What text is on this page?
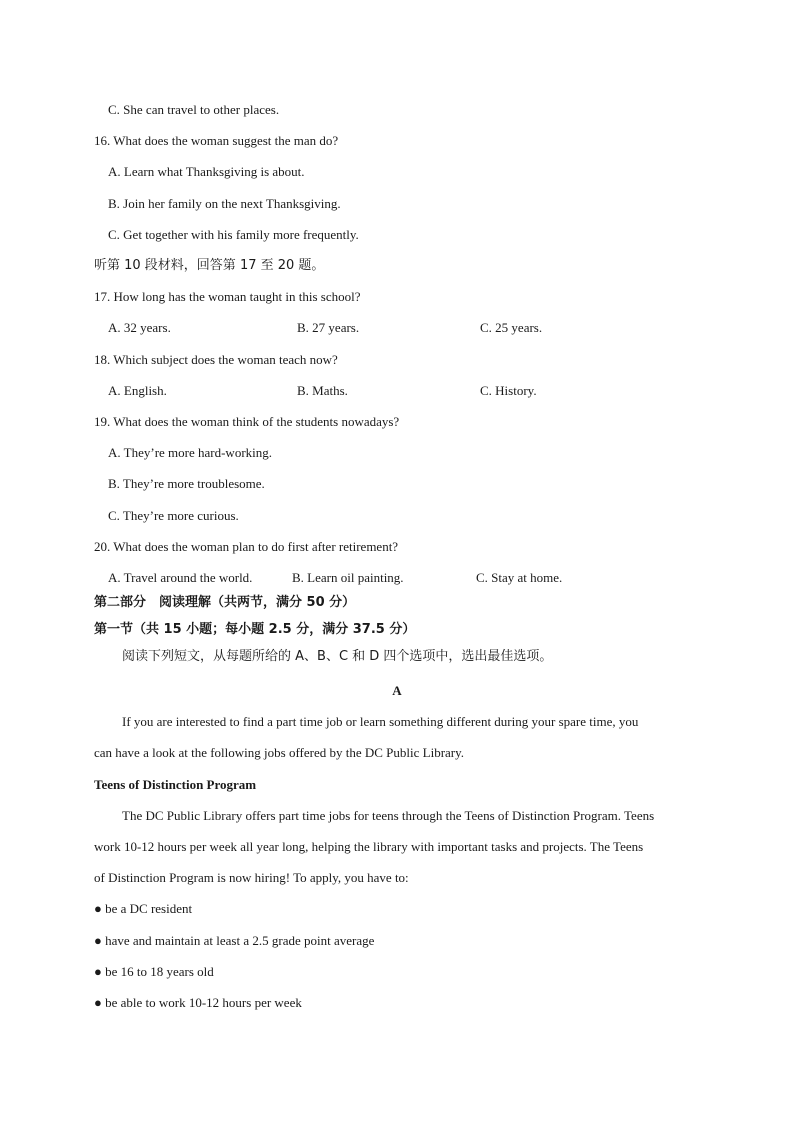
C. She can travel to other places.
16. What does the woman suggest the man do?
A. Learn what Thanksgiving is about.
B. Join her family on the next Thanksgiving.
C. Get together with his family more frequently.
听第 10 段材料，回答第 17 至 20 题。
17. How long has the woman taught in this school?
A. 32 years.	B. 27 years.	C. 25 years.
18. Which subject does the woman teach now?
A. English.	B. Maths.	C. History.
19. What does the woman think of the students nowadays?
A. They’re more hard-working.
B. They’re more troublesome.
C. They’re more curious.
20. What does the woman plan to do first after retirement?
A. Travel around the world.	B. Learn oil painting.	C. Stay at home.
第二部分　阅读理解（共两节，满分 50 分）
第一节（共 15 小题；每小题 2.5 分，满分 37.5 分）
阅读下列短文，从每题所给的 A、B、C 和 D 四个选项中，选出最佳选项。
A
If you are interested to find a part time job or learn something different during your spare time, you
can have a look at the following jobs offered by the DC Public Library.
Teens of Distinction Program
The DC Public Library offers part time jobs for teens through the Teens of Distinction Program. Teens
work 10-12 hours per week all year long, helping the library with important tasks and projects. The Teens
of Distinction Program is now hiring! To apply, you have to:
● be a DC resident
● have and maintain at least a 2.5 grade point average
● be 16 to 18 years old
● be able to work 10-12 hours per week
